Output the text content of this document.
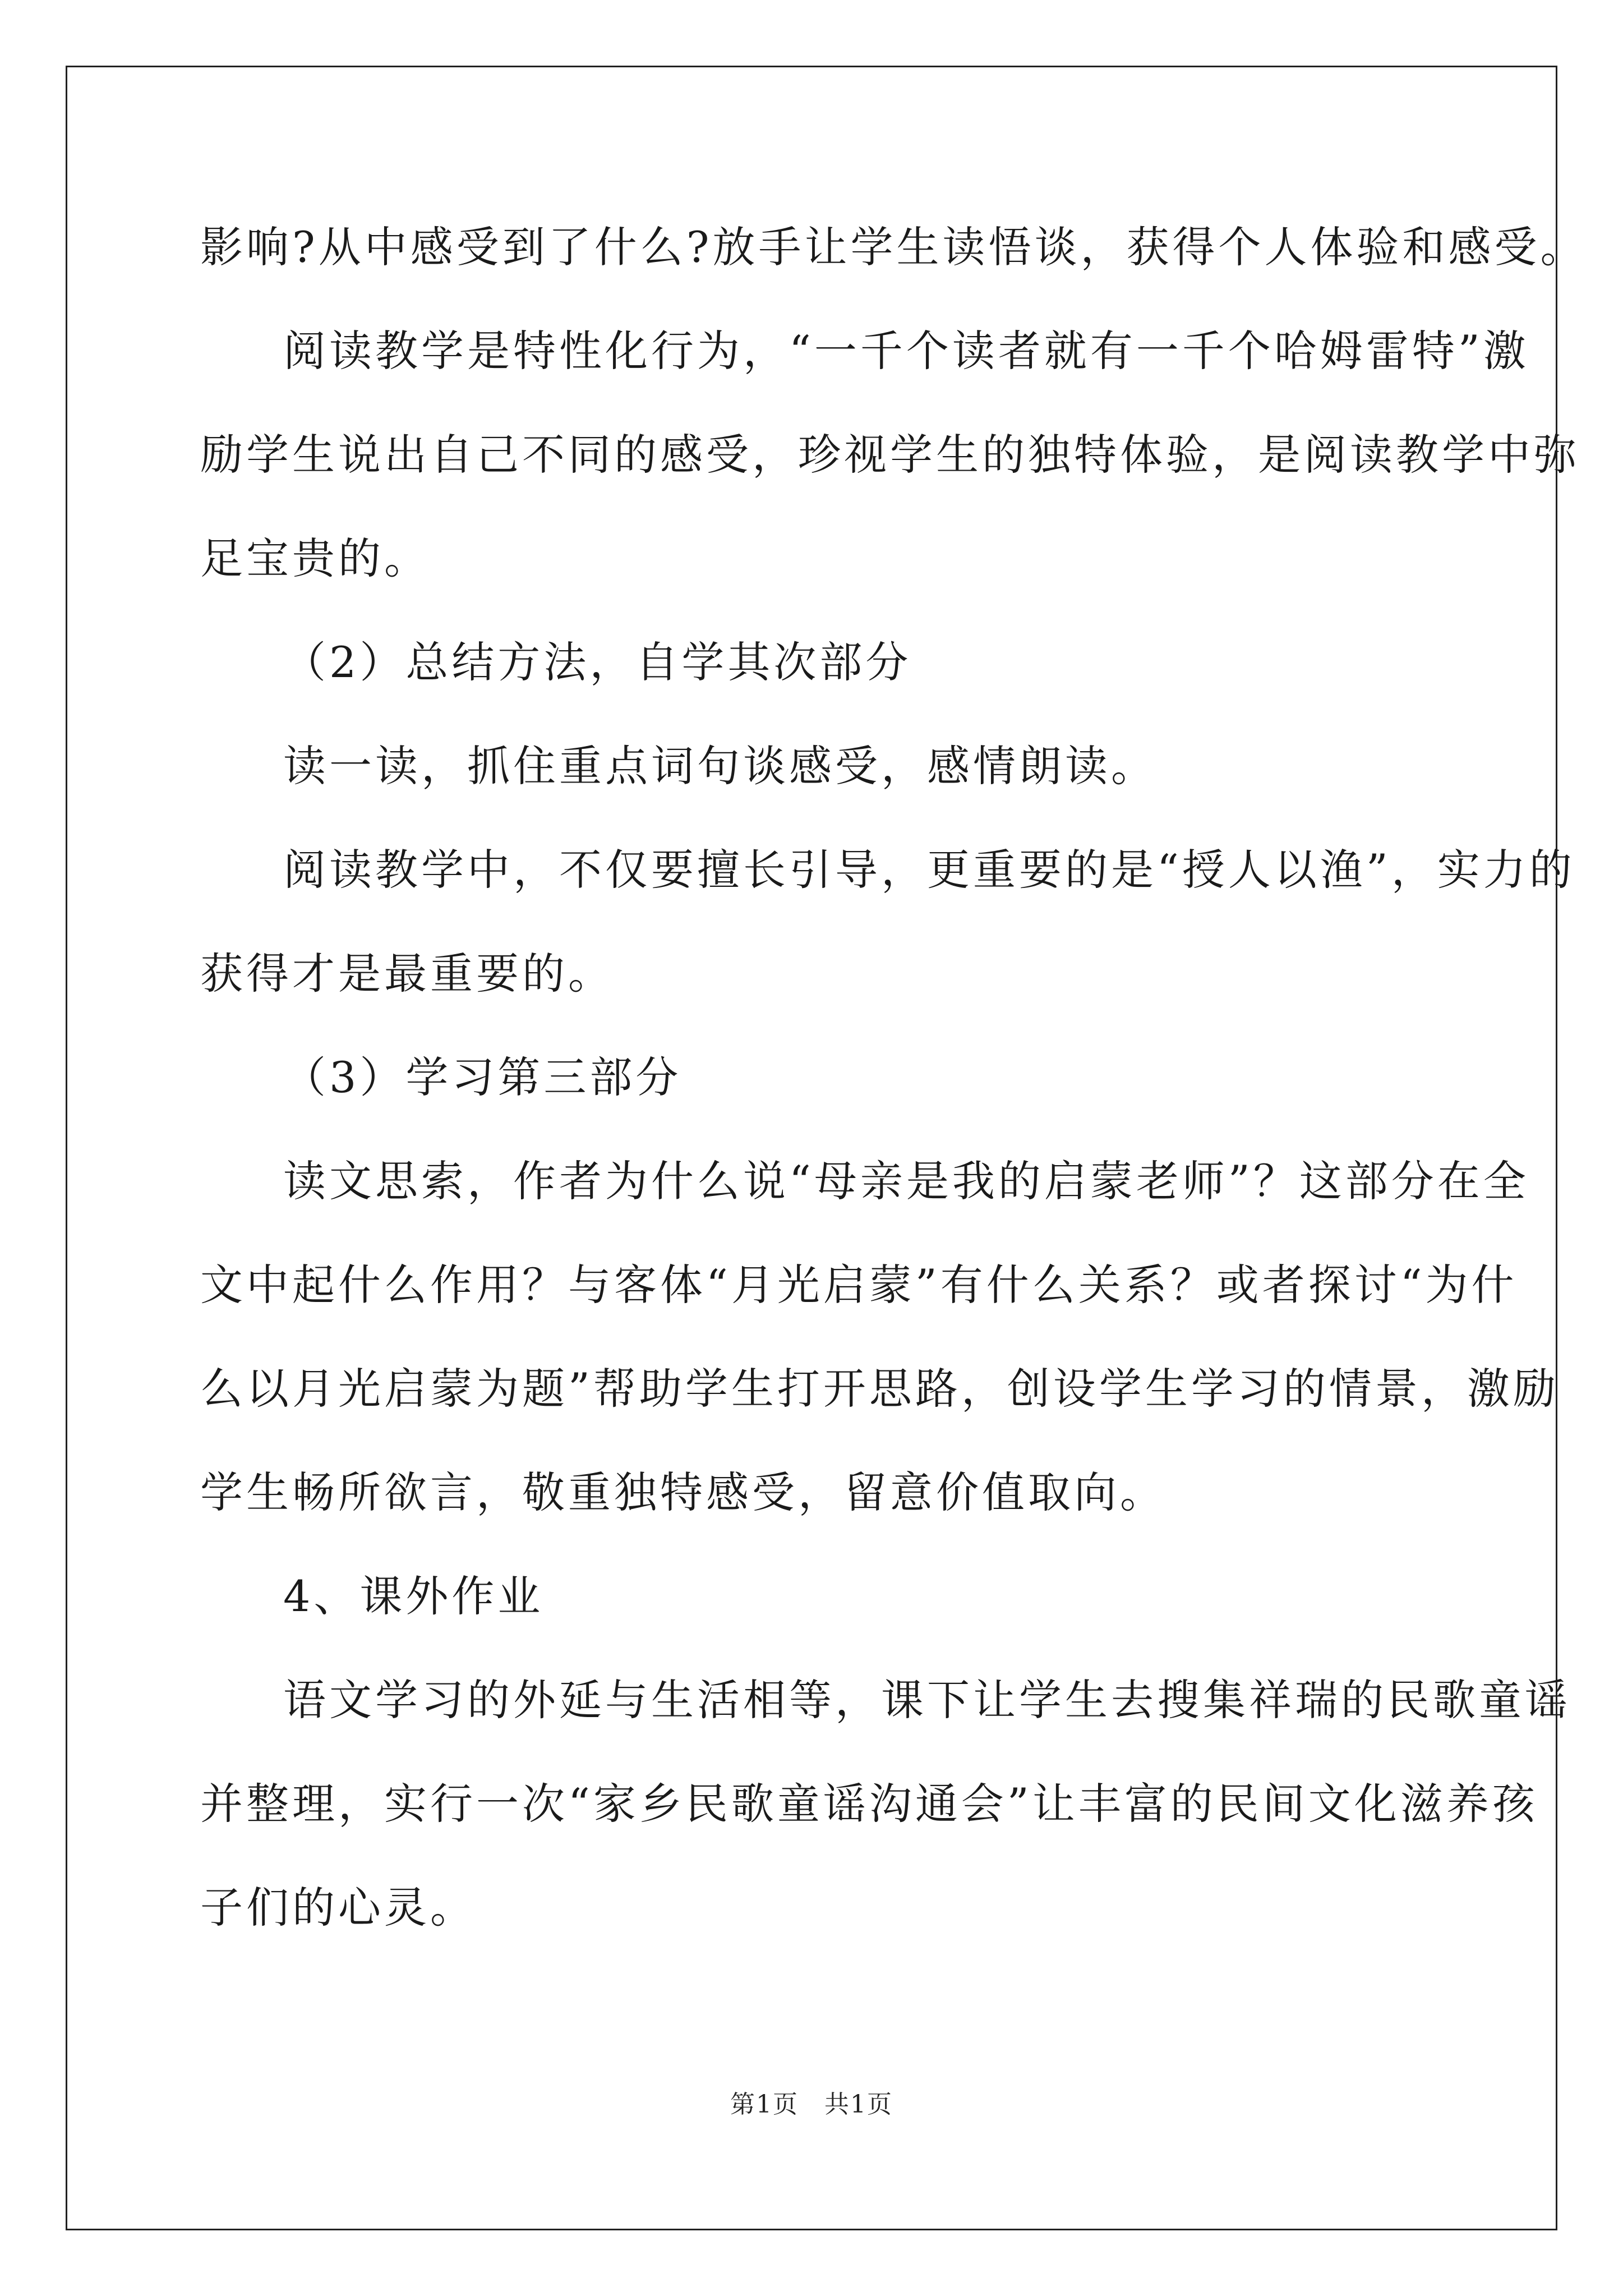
影响?从中感受到了什么?放手让学生读悟谈，获得个人体验和感受。

阅读教学是特性化行为，“一千个读者就有一千个哈姆雷特”激
励学生说出自己不同的感受，珍视学生的独特体验，是阅读教学中弥
足宝贵的。

（2）总结方法，自学其次部分

读一读，抓住重点词句谈感受，感情朗读。

阅读教学中，不仅要擅长引导，更重要的是“授人以渔”，实力的
获得才是最重要的。

（3）学习第三部分

读文思索，作者为什么说“母亲是我的启蒙老师”？这部分在全
文中起什么作用？与客体“月光启蒙”有什么关系？或者探讨“为什
么以月光启蒙为题”帮助学生打开思路，创设学生学习的情景，激励
学生畅所欲言，敬重独特感受，留意价值取向。

4、课外作业

语文学习的外延与生活相等，课下让学生去搜集祥瑞的民歌童谣
并整理，实行一次“家乡民歌童谣沟通会”让丰富的民间文化滋养孩
子们的心灵。

第1页　共1页
